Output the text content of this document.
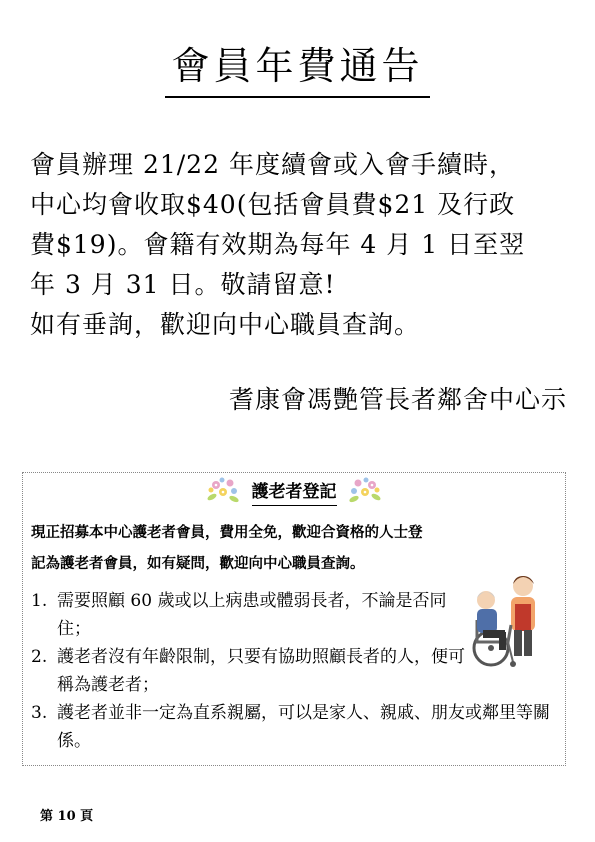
會員年費通告

會員辦理 21/22 年度續會或入會手續時，

中心均會收取$40(包括會員費$21 及行政

費$19)。會籍有效期為每年 4 月 1 日至翌

年 3 月 31 日。敬請留意!

如有垂詢，歡迎向中心職員查詢。

耆康會馮艷管長者鄰舍中心示
護老者登記

現正招募本中心護老者會員，費用全免，歡迎合資格的人士登

記為護老者會員，如有疑問，歡迎向中心職員查詢。

1. 需要照顧 60 歲或以上病患或體弱長者，不論是否同住；
2. 護老者沒有年齡限制，只要有協助照顧長者的人，便可稱為護老者；
3. 護老者並非一定為直系親屬，可以是家人、親戚、朋友或鄰里等關係。
第 10 頁
